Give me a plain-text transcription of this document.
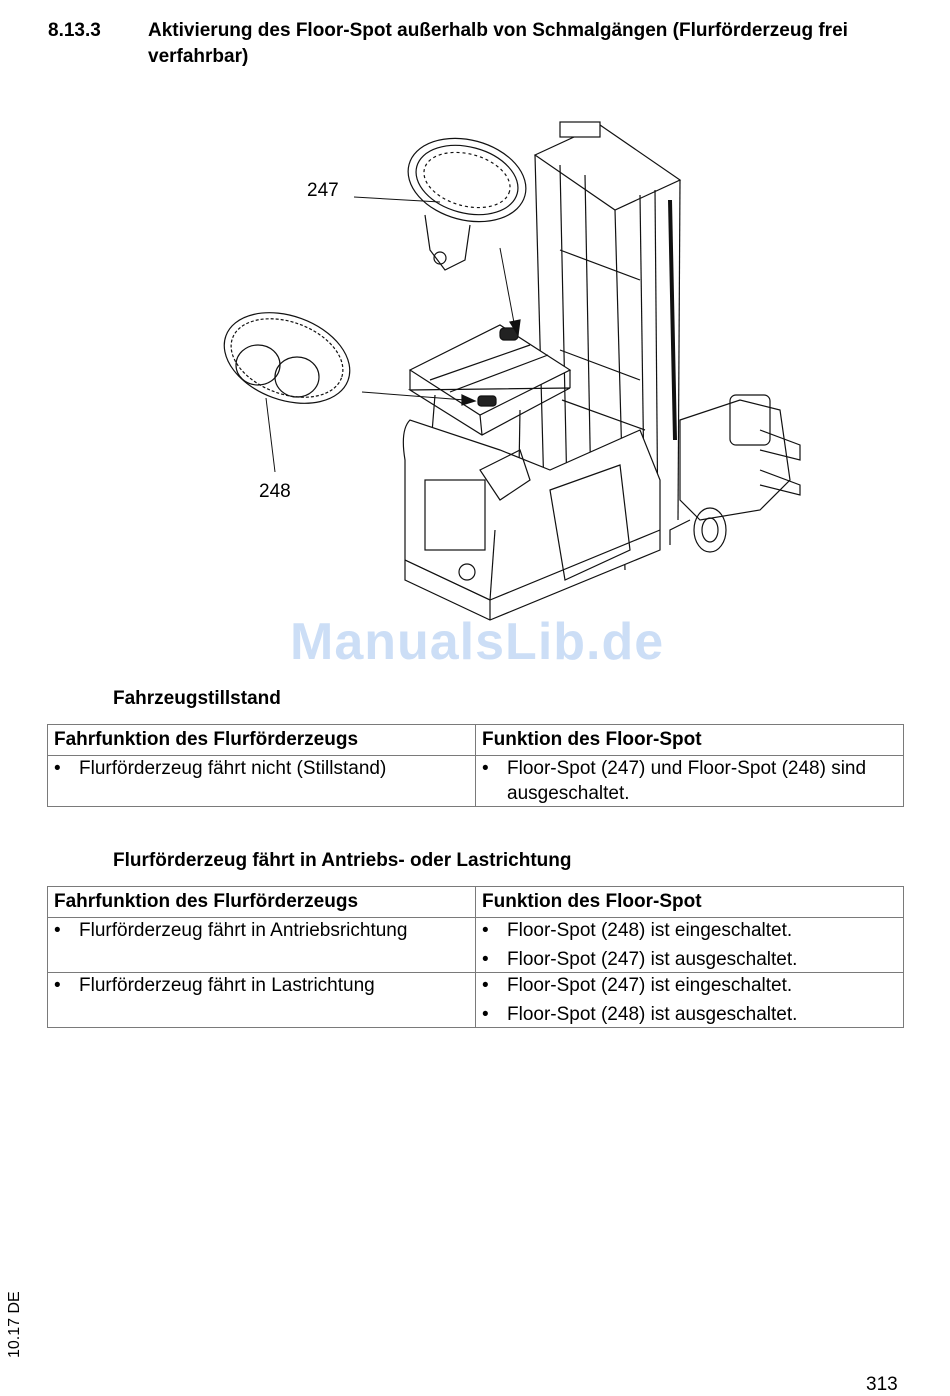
8.13.3 Aktivierung des Floor-Spot außerhalb von Schmalgängen (Flurförderzeug frei verfahrbar)
247
248
ManualsLib.de
Fahrzeugstillstand
Fahrfunktion des Flurförderzeugs	Funktion des Floor-Spot

• Flurförderzeug fährt nicht (Stillstand)	• Floor-Spot (247) und Floor-Spot (248) sind ausgeschaltet.
Flurförderzeug fährt in Antriebs- oder Lastrichtung
Fahrfunktion des Flurförderzeugs	Funktion des Floor-Spot

• Flurförderzeug fährt in Antriebsrichtung	• Floor-Spot (248) ist eingeschaltet.
• Floor-Spot (247) ist ausgeschaltet.

• Flurförderzeug fährt in Lastrichtung	• Floor-Spot (247) ist eingeschaltet.
• Floor-Spot (248) ist ausgeschaltet.
10.17 DE
313
